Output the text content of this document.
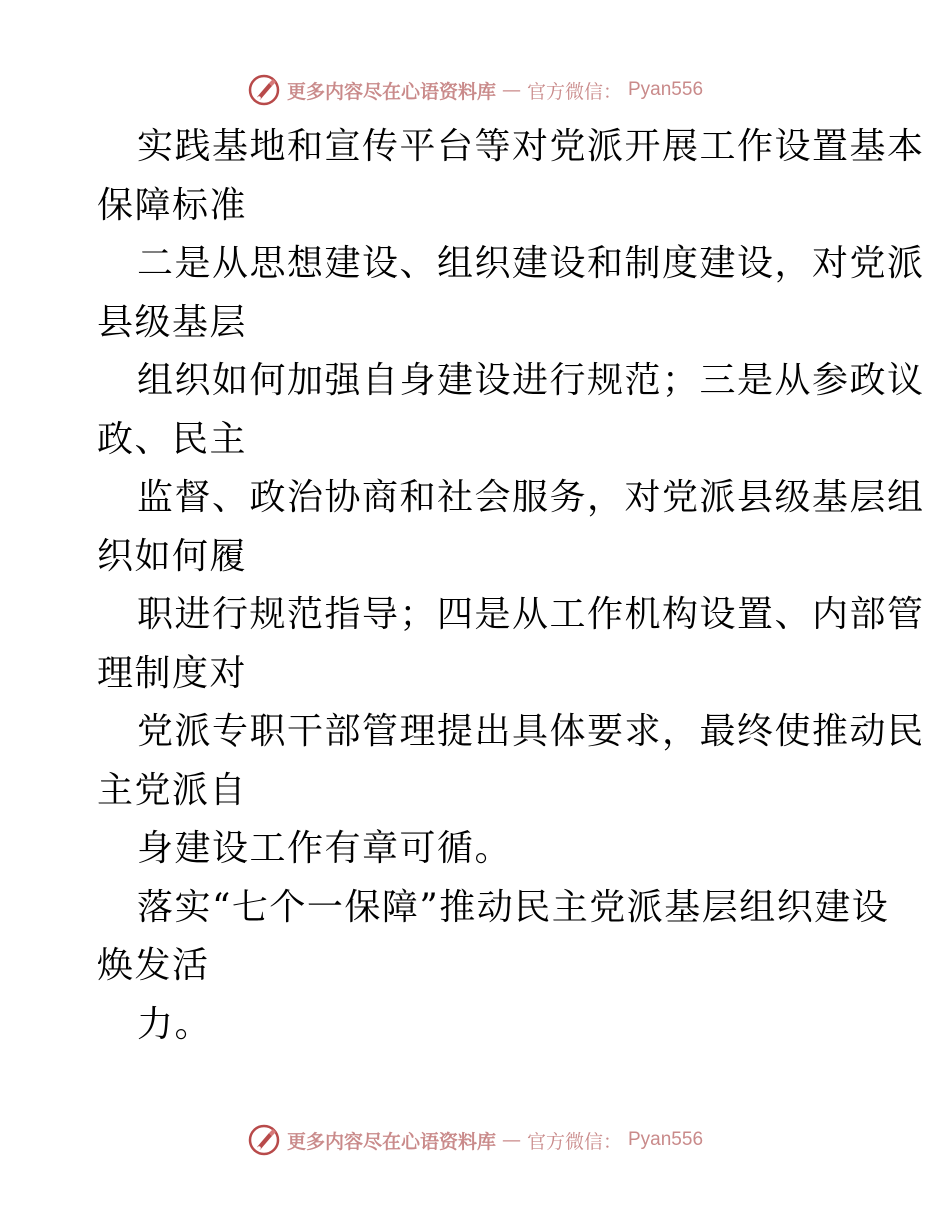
更多内容尽在心语资料库 — 官方微信： Pyan556
实践基地和宣传平台等对党派开展工作设置基本
保障标准
二是从思想建设、组织建设和制度建设，对党派
县级基层
组织如何加强自身建设进行规范；三是从参政议
政、民主
监督、政治协商和社会服务，对党派县级基层组
织如何履
职进行规范指导；四是从工作机构设置、内部管
理制度对
党派专职干部管理提出具体要求，最终使推动民
主党派自
身建设工作有章可循。
落实“七个一保障”推动民主党派基层组织建设
焕发活
力。
更多内容尽在心语资料库 — 官方微信： Pyan556
